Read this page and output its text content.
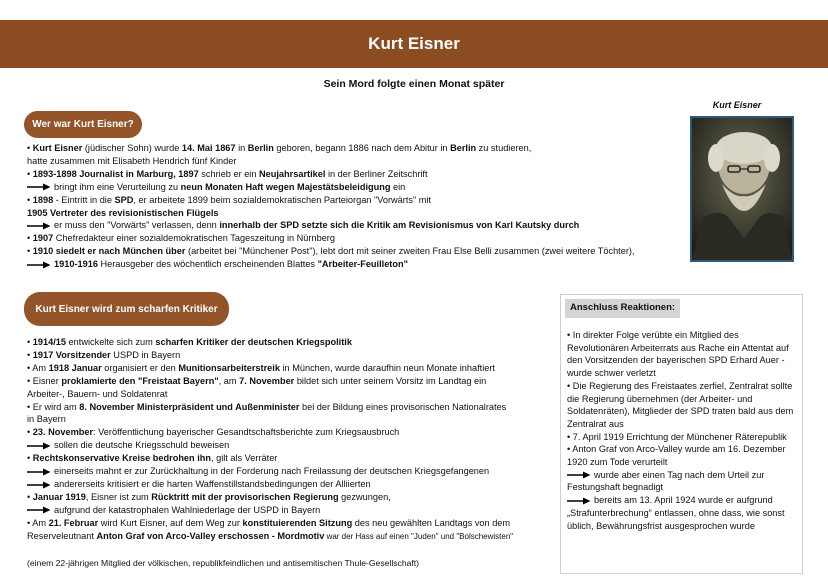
Kurt Eisner
Sein Mord folgte einen Monat später
Wer war Kurt Eisner?
• Kurt Eisner (jüdischer Sohn) wurde 14. Mai 1867 in Berlin geboren, begann 1886 nach dem Abitur in Berlin zu studieren,
hatte zusammen mit Elisabeth Hendrich fünf Kinder
• 1893-1898 Journalist in Marburg, 1897 schrieb er ein Neujahrsartikel in der Berliner Zeitschrift
bringt ihm eine Verurteilung zu neun Monaten Haft wegen Majestätsbeleidigung ein
• 1898 - Eintritt in die SPD, er arbeitete 1899 beim sozialdemokratischen Parteiorgan "Vorwärts" mit
1905 Vertreter des revisionistischen Flügels
er muss den "Vorwärts" verlassen, denn innerhalb der SPD setzte sich die Kritik am Revisionismus von Karl Kautsky durch
• 1907 Chefredakteur einer sozialdemokratischen Tageszeitung in Nürnberg
• 1910 siedelt er nach München über (arbeitet bei "Münchener Post"), lebt dort mit seiner zweiten Frau Else Belli zusammen (zwei weitere Töchter),
1910-1916 Herausgeber des wöchentlich erscheinenden Blattes "Arbeiter-Feuilleton"
Kurt Eisner wird zum scharfen Kritiker
• 1914/15 entwickelte sich zum scharfen Kritiker der deutschen Kriegspolitik
• 1917 Vorsitzender USPD in Bayern
• Am 1918 Januar organisiert er den Munitionsarbeiterstreik in München, wurde daraufhin neun Monate inhaftiert
• Eisner proklamierte den "Freistaat Bayern", am 7. November bildet sich unter seinem Vorsitz im Landtag ein
Arbeiter-, Bauern- und Soldatenrat
• Er wird am 8. November Ministerpräsident und Außenminister bei der Bildung eines provisorischen Nationalrates
in Bayern
• 23. November: Veröffentlichung bayerischer Gesandtschaftsberichte zum Kriegsausbruch
sollen die deutsche Kriegsschuld beweisen
• Rechtskonservative Kreise bedrohen ihn, gilt als Verräter
einerseits mahnt er zur Zurückhaltung in der Forderung nach Freilassung der deutschen Kriegsgefangenen
andererseits kritisiert er die harten Waffenstillstandsbedingungen der Alliierten
• Januar 1919, Eisner ist zum Rücktritt mit der provisorischen Regierung gezwungen,
aufgrund der katastrophalen Wahlniederlage der USPD in Bayern
• Am 21. Februar wird Kurt Eisner, auf dem Weg zur konstituierenden Sitzung des neu gewählten Landtags von dem
Reserveleutnant Anton Graf von Arco-Valley erschossen - Mordmotiv war der Hass auf einen "Juden" und "Bolschewisten"
(einem 22-jährigen Mitglied der völkischen, republikfeindlichen und antisemitischen Thule-Gesellschaft)
Kurt Eisner
Anschluss Reaktionen:
• In direkter Folge verübte ein Mitglied des Revolutionären Arbeiterrats aus Rache ein Attentat auf den Vorsitzenden der bayerischen SPD Erhard Auer - wurde schwer verletzt
• Die Regierung des Freistaates zerfiel, Zentralrat sollte die Regierung übernehmen (der Arbeiter- und Soldatenräten), Mitglieder der SPD traten bald aus dem Zentralrat aus
• 7. April 1919 Errichtung der Münchener Räterepublik
• Anton Graf von Arco-Valley wurde am 16. Dezember 1920 zum Tode verurteilt
wurde aber einen Tag nach dem Urteil zur Festungshaft begnadigt
bereits am 13. April 1924 wurde er aufgrund „Strafunterbrechung“ entlassen, ohne dass, wie sonst üblich, Bewährungsfrist ausgesprochen wurde
